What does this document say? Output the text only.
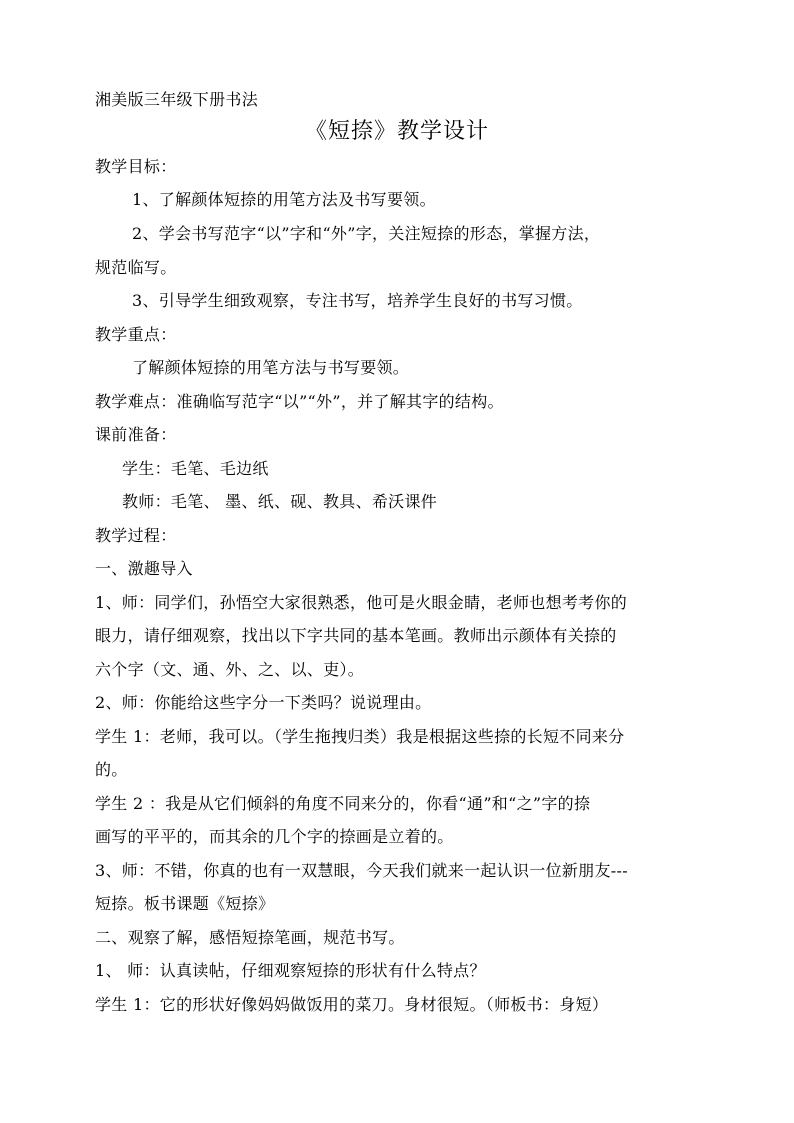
湘美版三年级下册书法
《短捺》教学设计
教学目标：
1、了解颜体短捺的用笔方法及书写要领。
2、学会书写范字“以”字和“外”字，关注短捺的形态，掌握方法，
规范临写。
3、引导学生细致观察，专注书写，培养学生良好的书写习惯。
教学重点：
了解颜体短捺的用笔方法与书写要领。
教学难点：准确临写范字“以”“外”，并了解其字的结构。
课前准备：
学生：毛笔、毛边纸
教师：毛笔、 墨、纸、砚、教具、希沃课件
教学过程：
一、激趣导入
1、师：同学们，孙悟空大家很熟悉，他可是火眼金睛，老师也想考考你的
眼力，请仔细观察，找出以下字共同的基本笔画。教师出示颜体有关捺的
六个字（文、通、外、之、以、吏）。
2、师：你能给这些字分一下类吗？说说理由。
学生 1：老师，我可以。（学生拖拽归类）我是根据这些捺的长短不同来分
的。
学生 2 ：我是从它们倾斜的角度不同来分的，你看“通”和“之”字的捺
画写的平平的，而其余的几个字的捺画是立着的。
3、师：不错，你真的也有一双慧眼，今天我们就来一起认识一位新朋友---
短捺。板书课题《短捺》
二、观察了解，感悟短捺笔画，规范书写。
1、 师：认真读帖，仔细观察短捺的形状有什么特点？
学生 1：它的形状好像妈妈做饭用的菜刀。身材很短。（师板书：身短）
